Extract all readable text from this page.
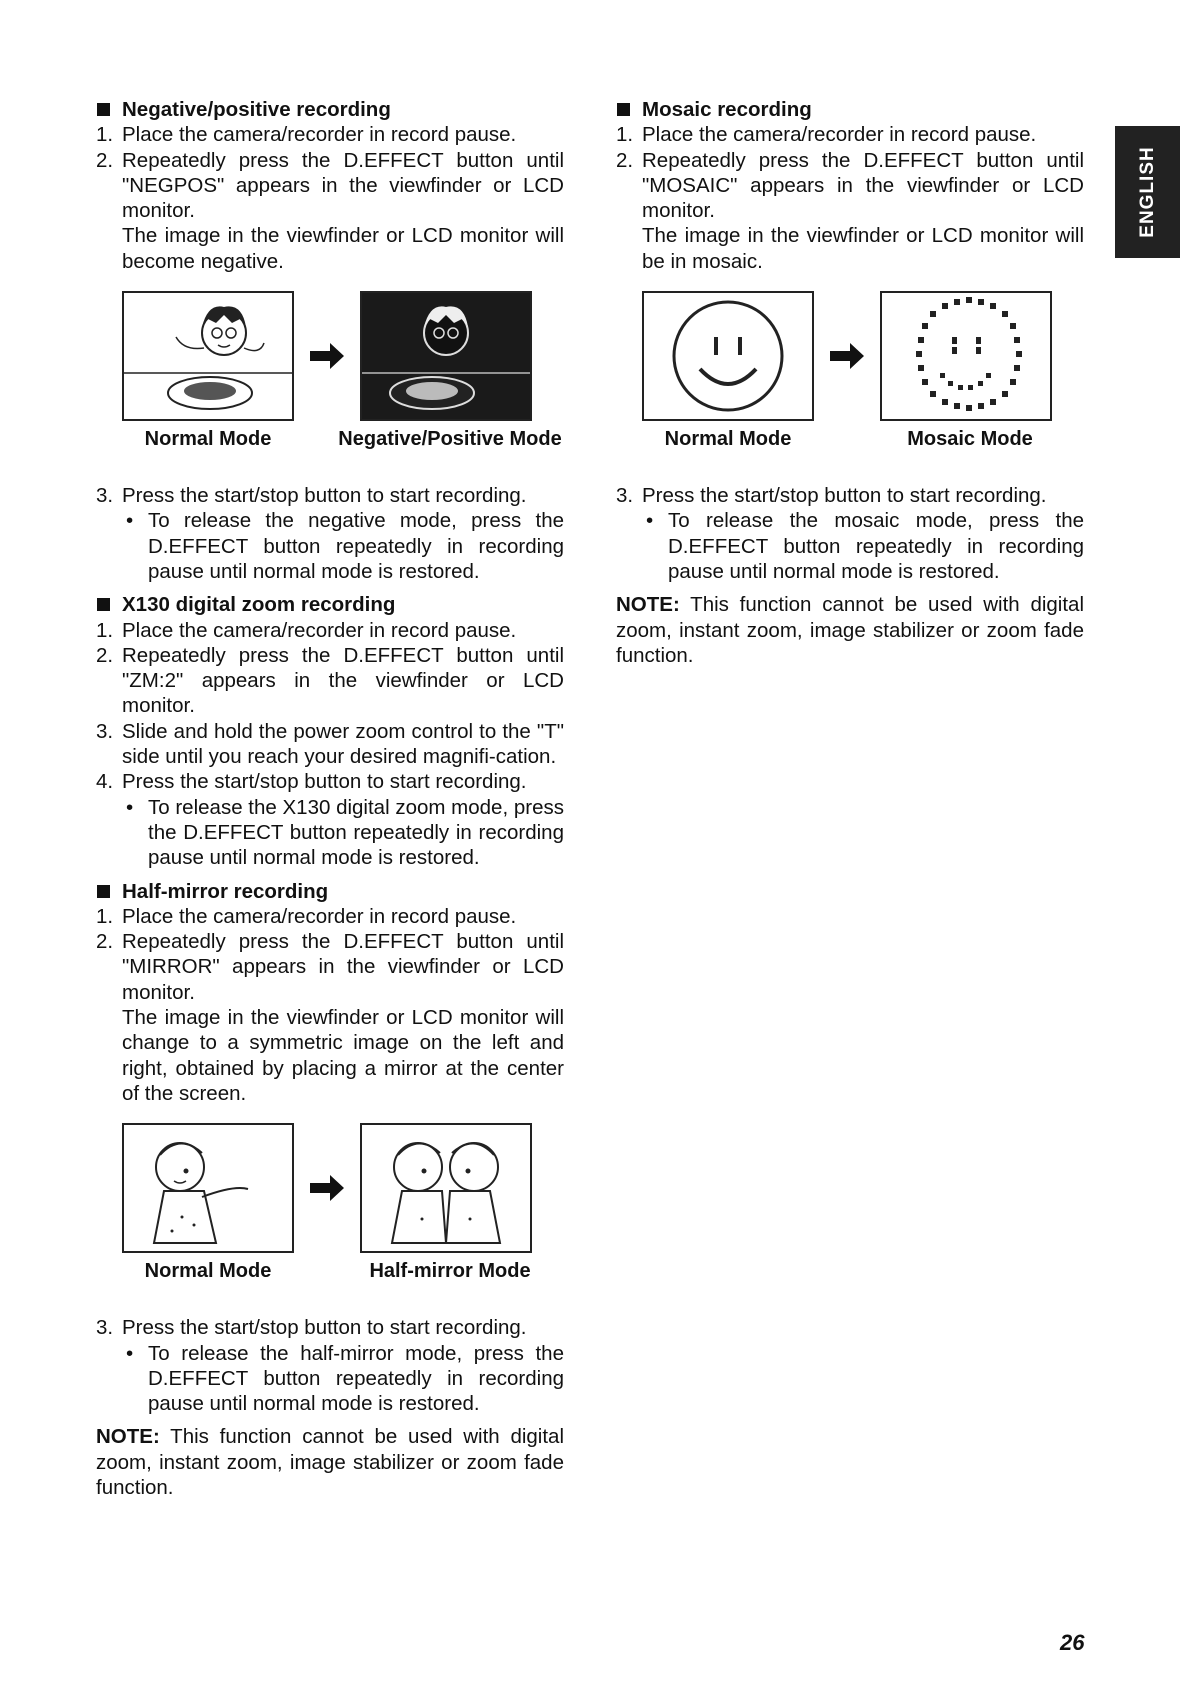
ENGLISH
Negative/positive recording
1. Place the camera/recorder in record pause.
2. Repeatedly press the D.EFFECT button until "NEGPOS" appears in the viewfinder or LCD monitor.
The image in the viewfinder or LCD monitor will become negative.
Normal Mode	Negative/Positive Mode
3. Press the start/stop button to start recording.
• To release the negative mode, press the D.EFFECT button repeatedly in recording pause until normal mode is restored.
X130 digital zoom recording
1. Place the camera/recorder in record pause.
2. Repeatedly press the D.EFFECT button until "ZM:2" appears in the viewfinder or LCD monitor.
3. Slide and hold the power zoom control to the "T" side until you reach your desired magnifi-cation.
4. Press the start/stop button to start recording.
• To release the X130 digital zoom mode, press the D.EFFECT button repeatedly in recording pause until normal mode is restored.
Half-mirror recording
1. Place the camera/recorder in record pause.
2. Repeatedly press the D.EFFECT button until "MIRROR" appears in the viewfinder or LCD monitor.
The image in the viewfinder or LCD monitor will change to a symmetric image on the left and right, obtained by placing a mirror at the center of the screen.
Normal Mode	Half-mirror Mode
3. Press the start/stop button to start recording.
• To release the half-mirror mode, press the D.EFFECT button repeatedly in recording pause until normal mode is restored.
NOTE: This function cannot be used with digital zoom, instant zoom, image stabilizer or zoom fade function.
Mosaic recording
1. Place the camera/recorder in record pause.
2. Repeatedly press the D.EFFECT button until "MOSAIC" appears in the viewfinder or LCD monitor.
The image in the viewfinder or LCD monitor will be in mosaic.
Normal Mode	Mosaic Mode
3. Press the start/stop button to start recording.
• To release the mosaic mode, press the D.EFFECT button repeatedly in recording pause until normal mode is restored.
NOTE: This function cannot be used with digital zoom, instant zoom, image stabilizer or zoom fade function.
26
